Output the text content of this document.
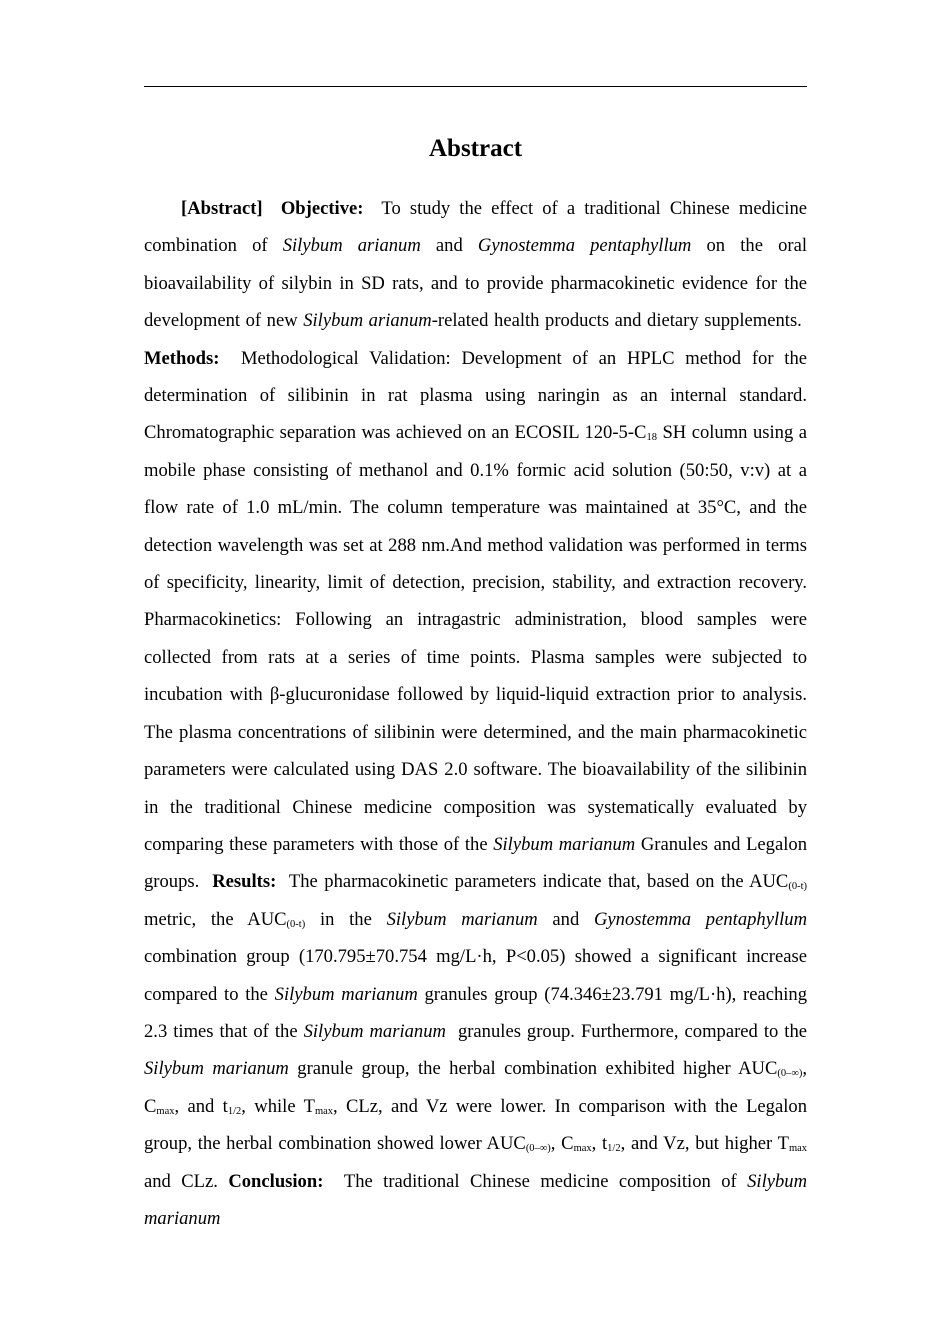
Abstract
[Abstract] Objective: To study the effect of a traditional Chinese medicine combination of Silybum arianum and Gynostemma pentaphyllum on the oral bioavailability of silybin in SD rats, and to provide pharmacokinetic evidence for the development of new Silybum arianum-related health products and dietary supplements.  Methods: Methodological Validation: Development of an HPLC method for the determination of silibinin in rat plasma using naringin as an internal standard. Chromatographic separation was achieved on an ECOSIL $120-5-C_{18}$ SH column using a mobile phase consisting of methanol and 0.1% formic acid solution (50:50, v:v) at a flow rate of 1.0 mL/min. The column temperature was maintained at 35°C, and the detection wavelength was set at 288 nm.And method validation was performed in terms of specificity, linearity, limit of detection, precision, stability, and extraction recovery. Pharmacokinetics: Following an intragastric administration, blood samples were collected from rats at a series of time points. Plasma samples were subjected to incubation with β-glucuronidase followed by liquid-liquid extraction prior to analysis. The plasma concentrations of silibinin were determined, and the main pharmacokinetic parameters were calculated using DAS 2.0 software. The bioavailability of the silibinin in the traditional Chinese medicine composition was systematically evaluated by comparing these parameters with those of the Silybum marianum Granules and Legalon groups. Results: The pharmacokinetic parameters indicate that, based on the $AUC_{(0-t)}$ metric, the $AUC_{(0-t)}$ in the Silybum marianum and Gynostemma pentaphyllum combination group (170.795±70.754 mg/L·h, P<0.05) showed a significant increase compared to the Silybum marianum granules group (74.346±23.791 mg/L·h), reaching 2.3 times that of the Silybum marianum granules group. Furthermore, compared to the Silybum marianum granule group, the herbal combination exhibited higher $AUC_{(0-\infty)}$, $C_{max}$, and $t_{1/2}$, while $T_{max}$, CLz, and Vz were lower. In comparison with the Legalon group, the herbal combination showed lower $AUC_{(0-\infty)}$, $C_{max}$, $t_{1/2}$, and Vz, but higher $T_{max}$ and CLz. Conclusion: The traditional Chinese medicine composition of Silybum marianum
